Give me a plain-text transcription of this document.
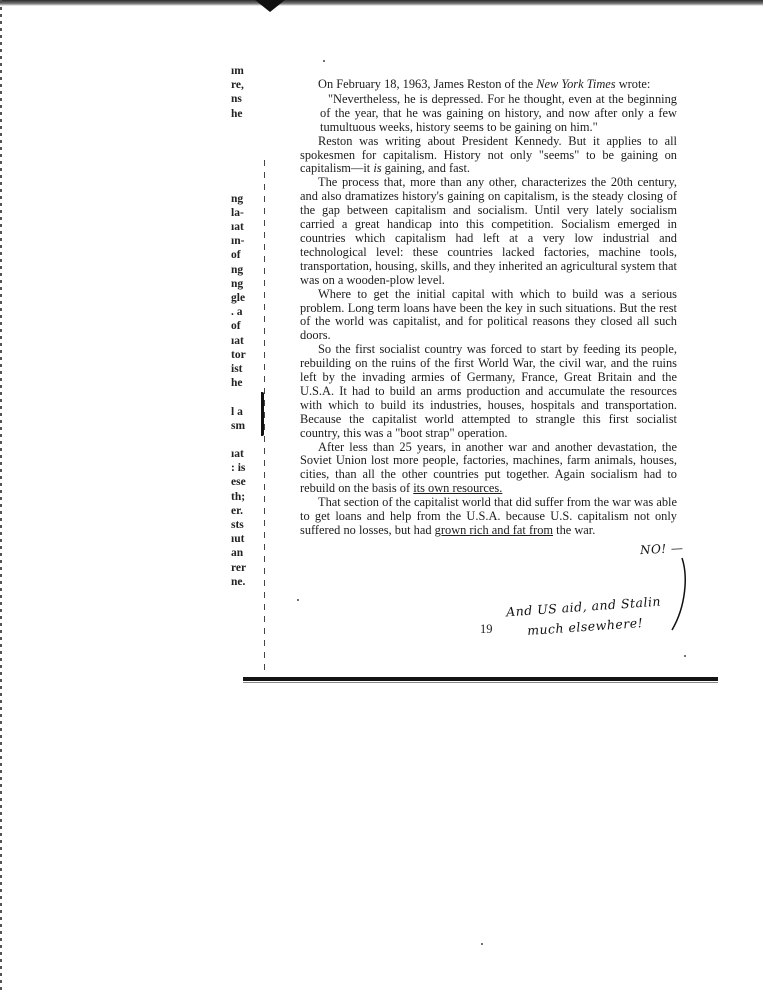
ım
re,
ns
he
ng
la-
ıat
ın-
of
ng
ng
gle
. a
of
ıat
tor
ist
he
l a
sm
ıat
: is
ese
th;
er.
sts
ıut
an
rer
ne.

On February 18, 1963, James Reston of the New York Times wrote:

"Nevertheless, he is depressed. For he thought, even at the beginning of the year, that he was gaining on history, and now after only a few tumultuous weeks, history seems to be gaining on him."

Reston was writing about President Kennedy. But it applies to all spokesmen for capitalism. History not only "seems" to be gaining on capitalism—it is gaining, and fast.

The process that, more than any other, characterizes the 20th century, and also dramatizes history's gaining on capitalism, is the steady closing of the gap between capitalism and socialism. Until very lately socialism carried a great handicap into this competition. Socialism emerged in countries which capitalism had left at a very low industrial and technological level: these countries lacked factories, machine tools, transportation, housing, skills, and they inherited an agricultural system that was on a wooden-plow level.

Where to get the initial capital with which to build was a serious problem. Long term loans have been the key in such situations. But the rest of the world was capitalist, and for political reasons they closed all such doors.

So the first socialist country was forced to start by feeding its people, rebuilding on the ruins of the first World War, the civil war, and the ruins left by the invading armies of Germany, France, Great Britain and the U.S.A. It had to build an arms production and accumulate the resources with which to build its industries, houses, hospitals and transportation. Because the capitalist world attempted to strangle this first socialist country, this was a "boot strap" operation.

After less than 25 years, in another war and another devastation, the Soviet Union lost more people, factories, machines, farm animals, houses, cities, than all the other countries put together. Again socialism had to rebuild on the basis of its own resources.

That section of the capitalist world that did suffer from the war was able to get loans and help from the U.S.A. because U.S. capitalism not only suffered no losses, but had grown rich and fat from the war.

19
NO! —
And US aid, and Stalin
much elsewhere!
